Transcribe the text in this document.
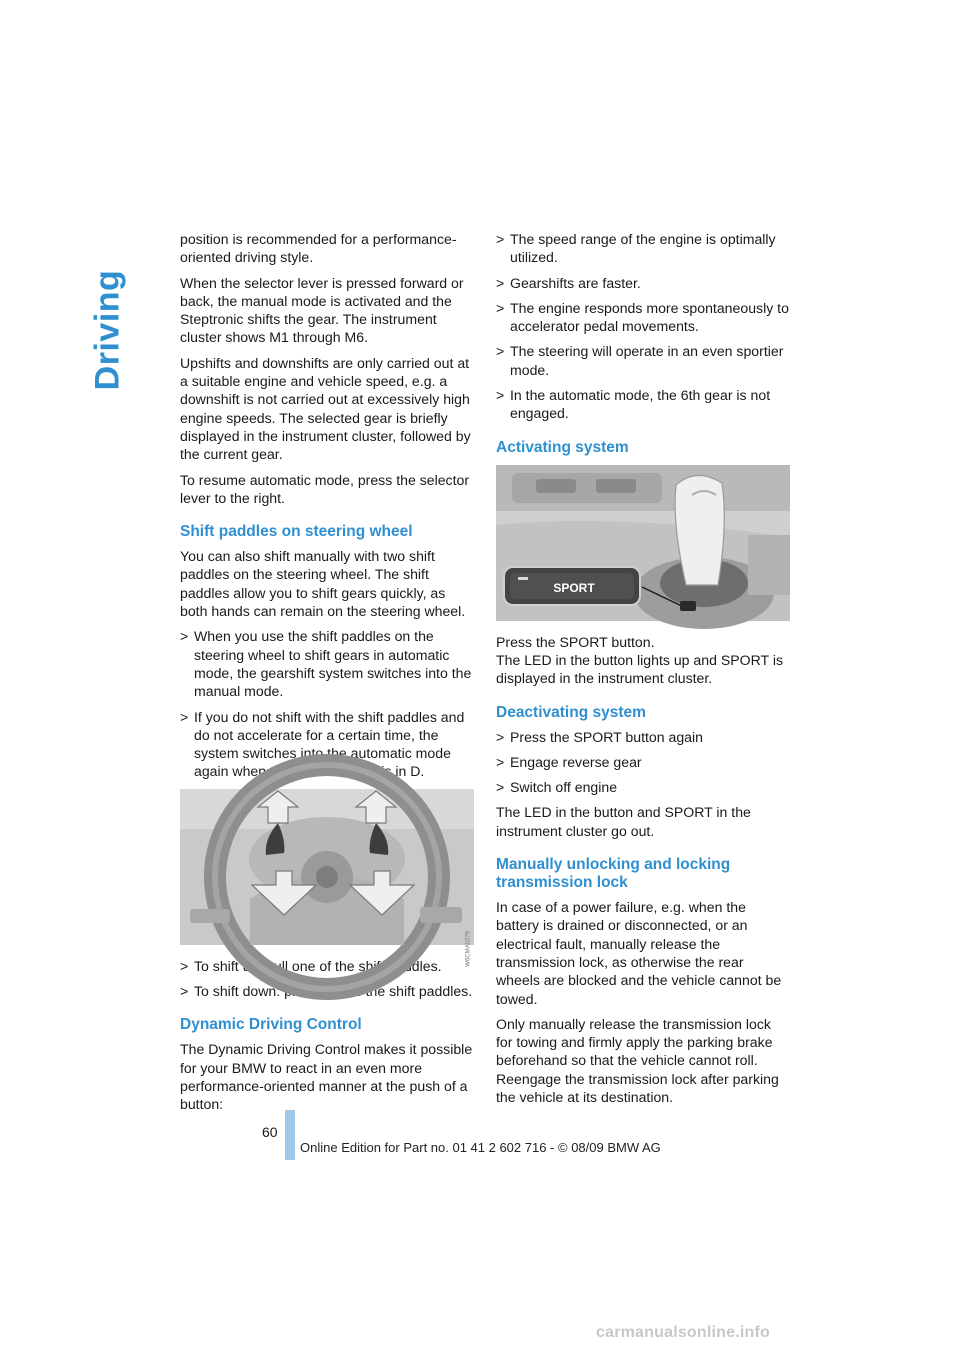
Driving

position is recommended for a performance-oriented driving style.

When the selector lever is pressed forward or back, the manual mode is activated and the Steptronic shifts the gear. The instrument cluster shows M1 through M6.

Upshifts and downshifts are only carried out at a suitable engine and vehicle speed, e.g. a downshift is not carried out at excessively high engine speeds. The selected gear is briefly displayed in the instrument cluster, followed by the current gear.

To resume automatic mode, press the selector lever to the right.

Shift paddles on steering wheel

You can also shift manually with two shift paddles on the steering wheel. The shift paddles allow you to shift gears quickly, as both hands can remain on the steering wheel.

> When you use the shift paddles on the steering wheel to shift gears in automatic mode, the gearshift system switches into the manual mode.
> If you do not shift with the shift paddles and do not accelerate for a certain time, the system switches into the automatic mode again when the selector lever is in D.
W6CMA0279
> To shift up: pull one of the shift paddles.
> To shift down: press one of the shift paddles.
Dynamic Driving Control

The Dynamic Driving Control makes it possible for your BMW to react in an even more performance-oriented manner at the push of a button:

> The speed range of the engine is optimally utilized.
> Gearshifts are faster.
> The engine responds more spontaneously to accelerator pedal movements.
> The steering will operate in an even sportier mode.
> In the automatic mode, the 6th gear is not engaged.
Activating system
SPORT

Press the SPORT button.

The LED in the button lights up and SPORT is displayed in the instrument cluster.

Deactivating system
> Press the SPORT button again
> Engage reverse gear
> Switch off engine

The LED in the button and SPORT in the instrument cluster go out.

Manually unlocking and locking transmission lock

In case of a power failure, e.g. when the battery is drained or disconnected, or an electrical fault, manually release the transmission lock, as otherwise the rear wheels are blocked and the vehicle cannot be towed.

Only manually release the transmission lock for towing and firmly apply the parking brake beforehand so that the vehicle cannot roll. Reengage the transmission lock after parking the vehicle at its destination.

60
Online Edition for Part no. 01 41 2 602 716 - © 08/09 BMW AG
carmanualsonline.info
